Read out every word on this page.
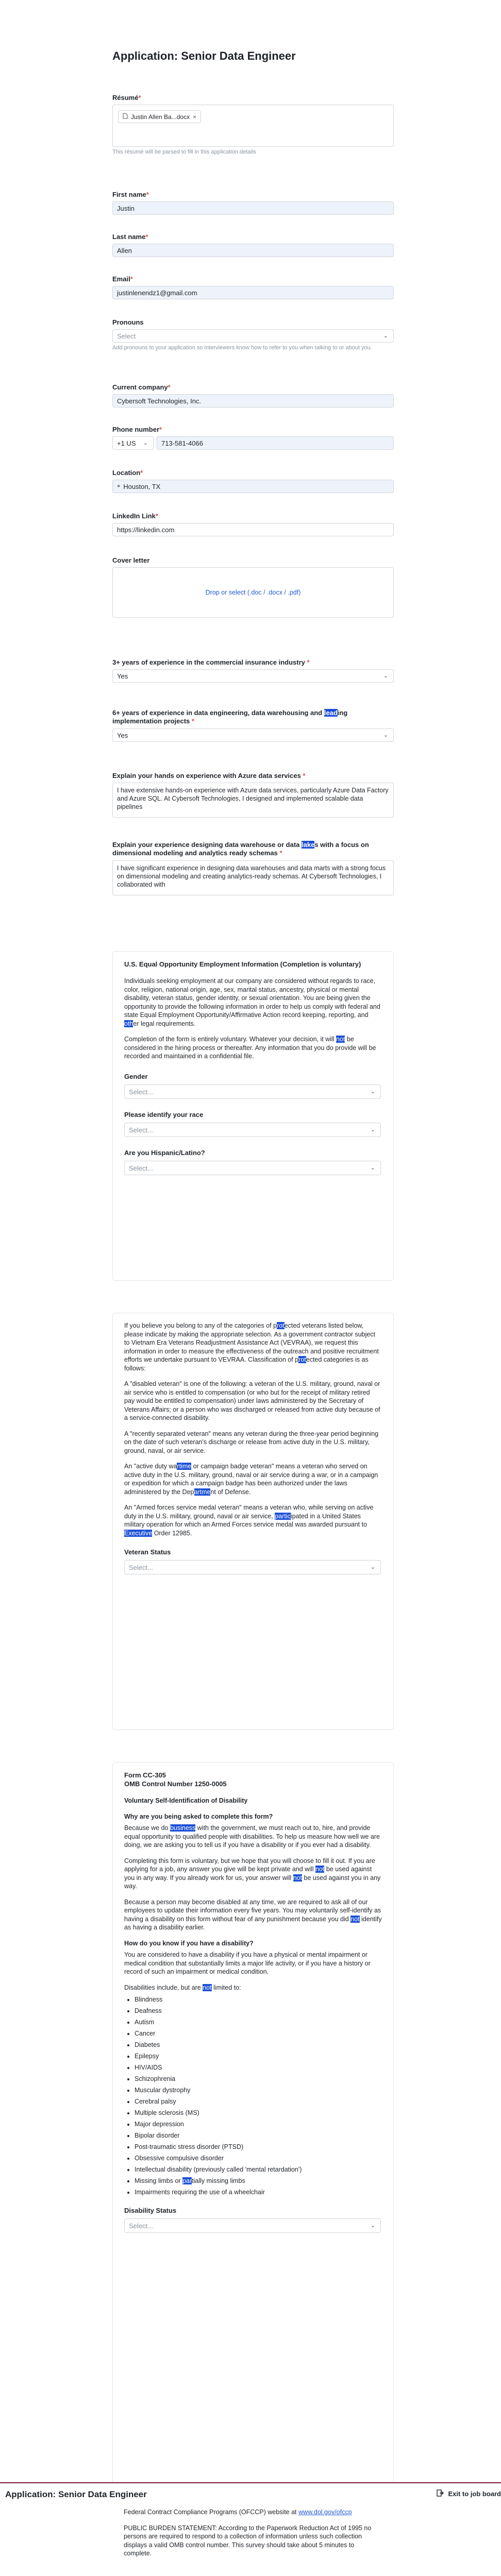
Application: Senior Data Engineer
Résumé*
Justin Allen Ba...docx ×
This résumé will be parsed to fill in this application details
First name*
Justin
Last name*
Allen
Email*
justinlenendz1@gmail.com
Pronouns
Select	⌄
Add pronouns to your application so interviewers know how to refer to you when talking to or about you.
Current company*
Cybersoft Technologies, Inc.
Phone number*
+1 US ⌄	713-581-4066
Location*
⌖ Houston, TX
LinkedIn Link*
https://linkedin.com
Cover letter
Drop or select (.doc / .docx / .pdf)
3+ years of experience in the commercial insurance industry *
Yes	⌄
6+ years of experience in data engineering, data warehousing and leading implementation projects *
Yes	⌄
Explain your hands on experience with Azure data services *
I have extensive hands-on experience with Azure data services, particularly Azure Data Factory and Azure SQL. At Cybersoft Technologies, I designed and implemented scalable data pipelines
Explain your experience designing data warehouse or data lakes with a focus on dimensional modeling and analytics ready schemas *
I have significant experience in designing data warehouses and data marts with a strong focus on dimensional modeling and creating analytics-ready schemas. At Cybersoft Technologies, I collaborated with

U.S. Equal Opportunity Employment Information (Completion is voluntary)

Individuals seeking employment at our company are considered without regards to race, color, religion, national origin, age, sex, marital status, ancestry, physical or mental disability, veteran status, gender identity, or sexual orientation. You are being given the opportunity to provide the following information in order to help us comply with federal and state Equal Employment Opportunity/Affirmative Action record keeping, reporting, and other legal requirements.

Completion of the form is entirely voluntary. Whatever your decision, it will not be considered in the hiring process or thereafter. Any information that you do provide will be recorded and maintained in a confidential file.

Gender
Select...	⌄
Please identify your race
Select...	⌄
Are you Hispanic/Latino?
Select...	⌄

If you believe you belong to any of the categories of protected veterans listed below, please indicate by making the appropriate selection. As a government contractor subject to Vietnam Era Veterans Readjustment Assistance Act (VEVRAA), we request this information in order to measure the effectiveness of the outreach and positive recruitment efforts we undertake pursuant to VEVRAA. Classification of protected categories is as follows:

A "disabled veteran" is one of the following: a veteran of the U.S. military, ground, naval or air service who is entitled to compensation (or who but for the receipt of military retired pay would be entitled to compensation) under laws administered by the Secretary of Veterans Affairs; or a person who was discharged or released from active duty because of a service-connected disability.

A "recently separated veteran" means any veteran during the three-year period beginning on the date of such veteran's discharge or release from active duty in the U.S. military, ground, naval, or air service.

An "active duty wartime or campaign badge veteran" means a veteran who served on active duty in the U.S. military, ground, naval or air service during a war, or in a campaign or expedition for which a campaign badge has been authorized under the laws administered by the Department of Defense.

An "Armed forces service medal veteran" means a veteran who, while serving on active duty in the U.S. military, ground, naval or air service, participated in a United States military operation for which an Armed Forces service medal was awarded pursuant to Executive Order 12985.

Veteran Status
Select...	⌄

Form CC-305

OMB Control Number 1250-0005

Voluntary Self-Identification of Disability

Why are you being asked to complete this form?

Because we do business with the government, we must reach out to, hire, and provide equal opportunity to qualified people with disabilities. To help us measure how well we are doing, we are asking you to tell us if you have a disability or if you ever had a disability.

Completing this form is voluntary, but we hope that you will choose to fill it out. If you are applying for a job, any answer you give will be kept private and will not be used against you in any way. If you already work for us, your answer will not be used against you in any way.

Because a person may become disabled at any time, we are required to ask all of our employees to update their information every five years. You may voluntarily self-identify as having a disability on this form without fear of any punishment because you did not identify as having a disability earlier.

How do you know if you have a disability?

You are considered to have a disability if you have a physical or mental impairment or medical condition that substantially limits a major life activity, or if you have a history or record of such an impairment or medical condition.

Disabilities include, but are not limited to:

• Blindness
• Deafness
• Autism
• Cancer
• Diabetes
• Epilepsy
• HIV/AIDS
• Schizophrenia
• Muscular dystrophy
• Cerebral palsy
• Multiple sclerosis (MS)
• Major depression
• Bipolar disorder
• Post-traumatic stress disorder (PTSD)
• Obsessive compulsive disorder
• Intellectual disability (previously called 'mental retardation')
• Missing limbs or partially missing limbs
• Impairments requiring the use of a wheelchair
Disability Status
Select...	⌄

Federal Contract Compliance Programs (OFCCP) website at www.dol.gov/ofccp

PUBLIC BURDEN STATEMENT: According to the Paperwork Reduction Act of 1995 no persons are required to respond to a collection of information unless such collection displays a valid OMB control number. This survey should take about 5 minutes to complete.

Application: Senior Data Engineer	Exit to job board
